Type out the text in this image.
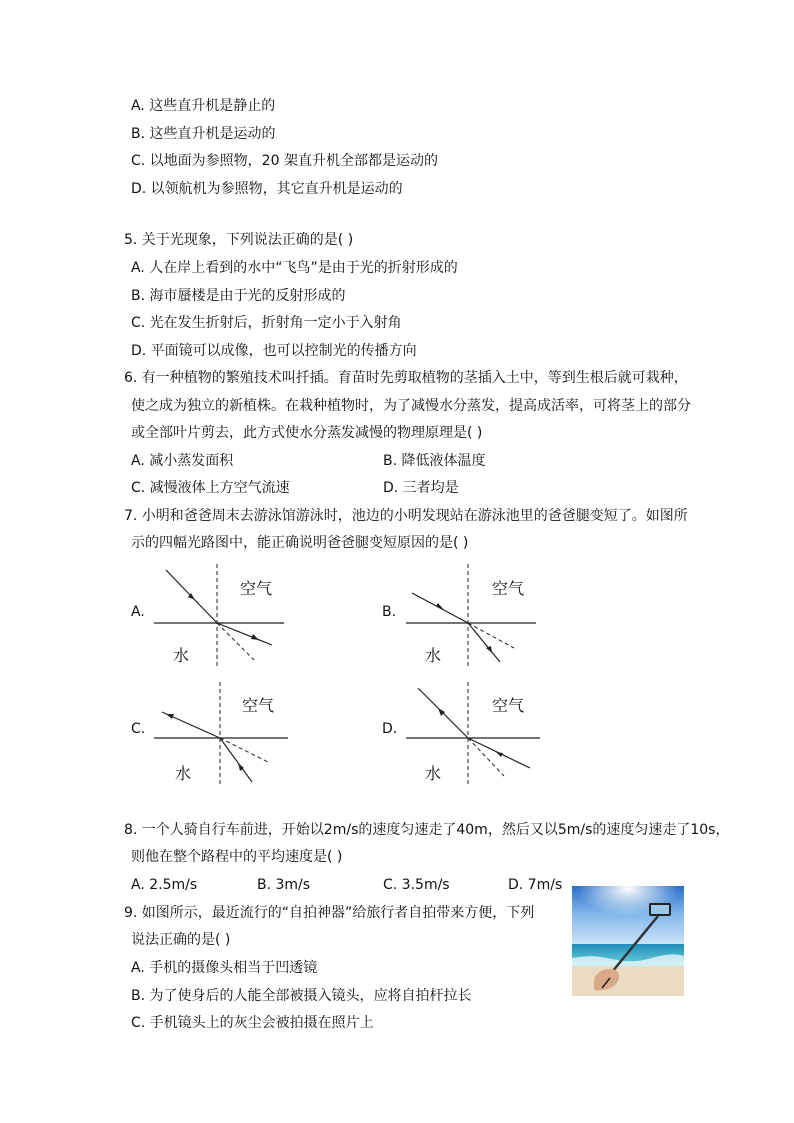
A. 这些直升机是静止的
B. 这些直升机是运动的
C. 以地面为参照物，20 架直升机全部都是运动的
D. 以领航机为参照物，其它直升机是运动的
5. 关于光现象，下列说法正确的是( )
A. 人在岸上看到的水中“飞鸟”是由于光的折射形成的
B. 海市蜃楼是由于光的反射形成的
C. 光在发生折射后，折射角一定小于入射角
D. 平面镜可以成像，也可以控制光的传播方向
6. 有一种植物的繁殖技术叫扦插。育苗时先剪取植物的茎插入土中，等到生根后就可栽种，
使之成为独立的新植株。在栽种植物时，为了减慢水分蒸发，提高成活率，可将茎上的部分
或全部叶片剪去，此方式使水分蒸发减慢的物理原理是( )
A. 减小蒸发面积	B. 降低液体温度
C. 减慢液体上方空气流速	D. 三者均是
7. 小明和爸爸周末去游泳馆游泳时，池边的小明发现站在游泳池里的爸爸腿变短了。如图所
示的四幅光路图中，能正确说明爸爸腿变短原因的是( )
A.
空气
水
B.
空气
水
C.
空气
水
D.
空气
水
8. 一个人骑自行车前进，开始以2m/s的速度匀速走了40m，然后又以5m/s的速度匀速走了10s，
则他在整个路程中的平均速度是( )
A. 2.5m/s	B. 3m/s	C. 3.5m/s	D. 7m/s
9. 如图所示，最近流行的“自拍神器”给旅行者自拍带来方便，下列
说法正确的是( )
A. 手机的摄像头相当于凹透镜
B. 为了使身后的人能全部被摄入镜头，应将自拍杆拉长
C. 手机镜头上的灰尘会被拍摄在照片上
